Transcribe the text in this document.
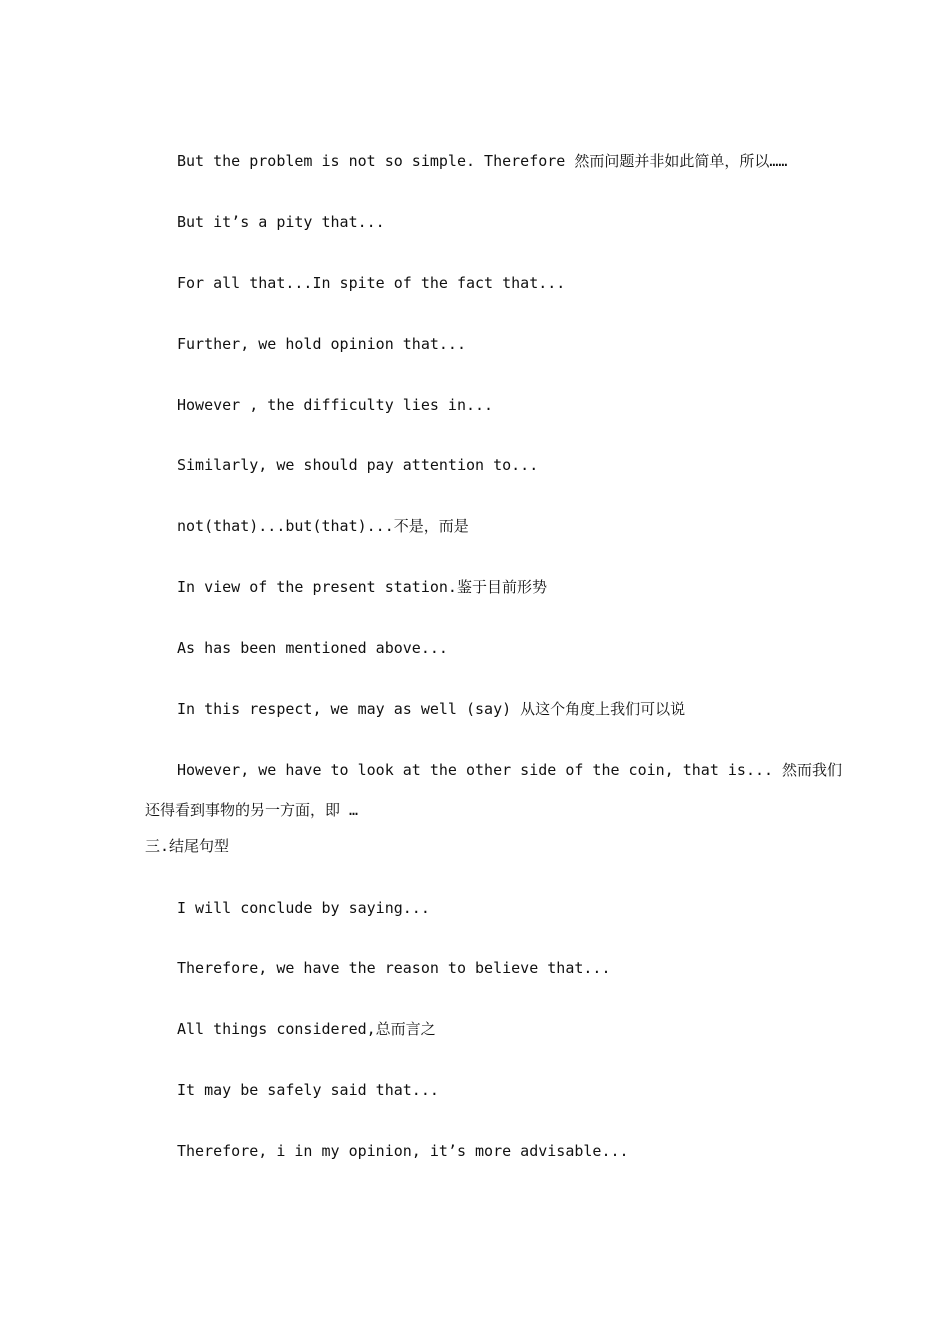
But the problem is not so simple. Therefore 然而问题并非如此简单，所以……
But it’s a pity that...
For all that...In spite of the fact that...
Further, we hold opinion that...
However , the difficulty lies in...
Similarly, we should pay attention to...
not(that)...but(that)...不是，而是
In view of the present station.鉴于目前形势
As has been mentioned above...
In this respect, we may as well (say) 从这个角度上我们可以说
However, we have to look at the other side of the coin, that is... 然而我们
还得看到事物的另一方面，即 …
三.结尾句型
I will conclude by saying...
Therefore, we have the reason to believe that...
All things considered,总而言之
It may be safely said that...
Therefore, i in my opinion, it’s more advisable...
